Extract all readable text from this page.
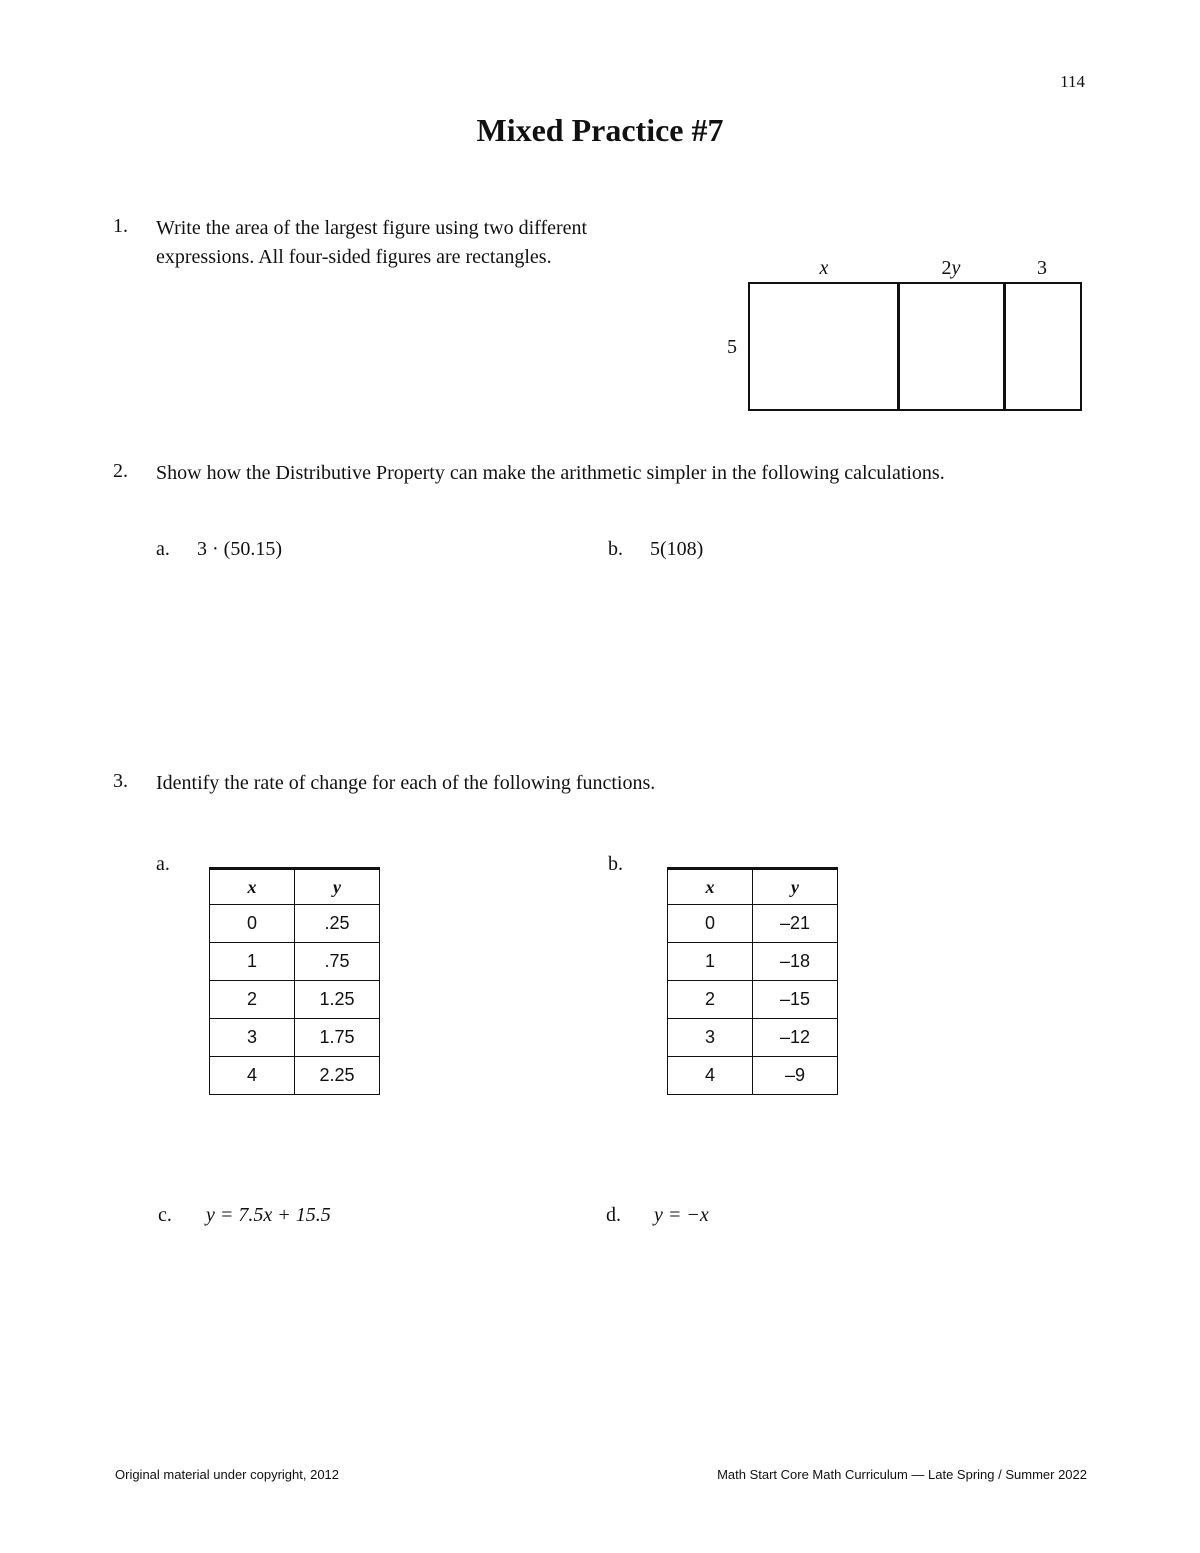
114
Mixed Practice #7
1. Write the area of the largest figure using two different
expressions. All four-sided figures are rectangles.	x	2y	3
5
2. Show how the Distributive Property can make the arithmetic simpler in the following calculations.
a. 3 · (50.15)	b. 5(108)
3. Identify the rate of change for each of the following functions.
a.	b.
x	y
0	.25
1	.75
2	1.25
3	1.75
4	2.25
x	y
0	–21
1	–18
2	–15
3	–12
4	–9
c. y = 7.5x + 15.5	d. y = −x
Original material under copyright, 2012	Math Start Core Math Curriculum — Late Spring / Summer 2022
